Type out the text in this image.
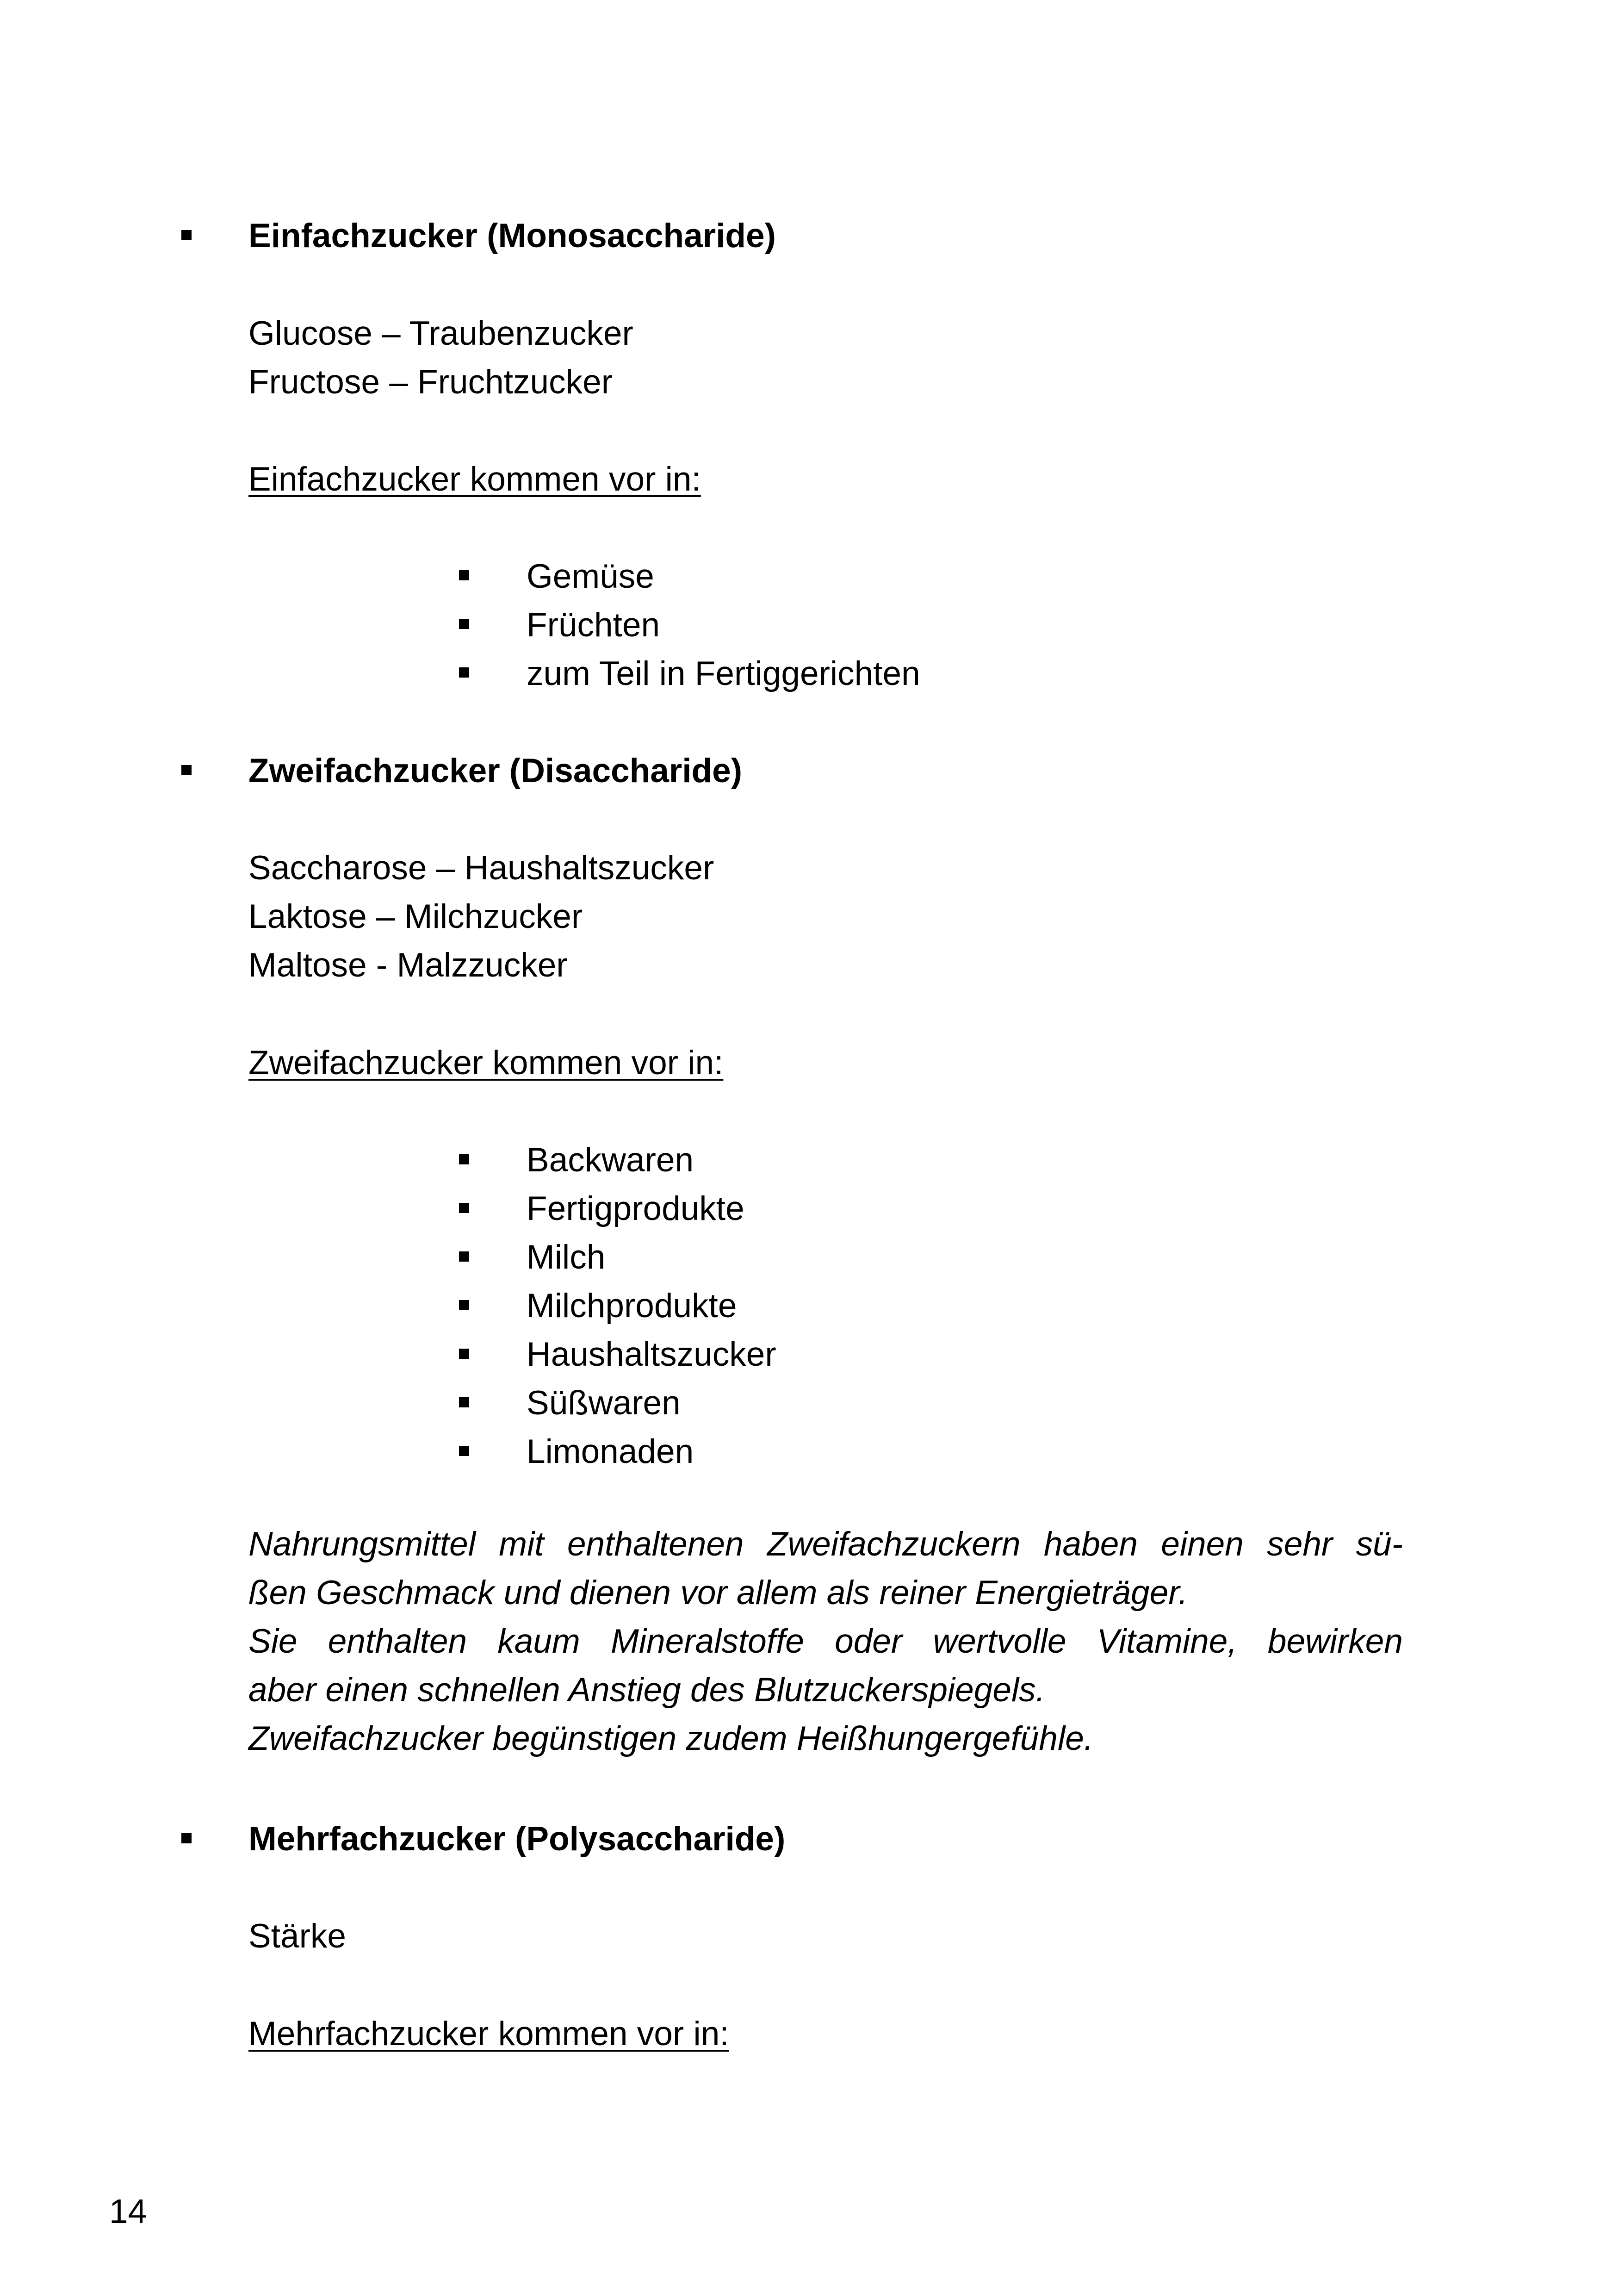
Einfachzucker (Monosaccharide)
Glucose – Traubenzucker
Fructose – Fruchtzucker
Einfachzucker kommen vor in:
Gemüse
Früchten
zum Teil in Fertiggerichten
Zweifachzucker (Disaccharide)
Saccharose – Haushaltszucker
Laktose – Milchzucker
Maltose - Malzzucker
Zweifachzucker kommen vor in:
Backwaren
Fertigprodukte
Milch
Milchprodukte
Haushaltszucker
Süßwaren
Limonaden
Nahrungsmittel mit enthaltenen Zweifachzuckern haben einen sehr sü-
ßen Geschmack und dienen vor allem als reiner Energieträger.
Sie enthalten kaum Mineralstoffe oder wertvolle Vitamine, bewirken
aber einen schnellen Anstieg des Blutzuckerspiegels.
Zweifachzucker begünstigen zudem Heißhungergefühle.
Mehrfachzucker (Polysaccharide)
Stärke
Mehrfachzucker kommen vor in:
14
